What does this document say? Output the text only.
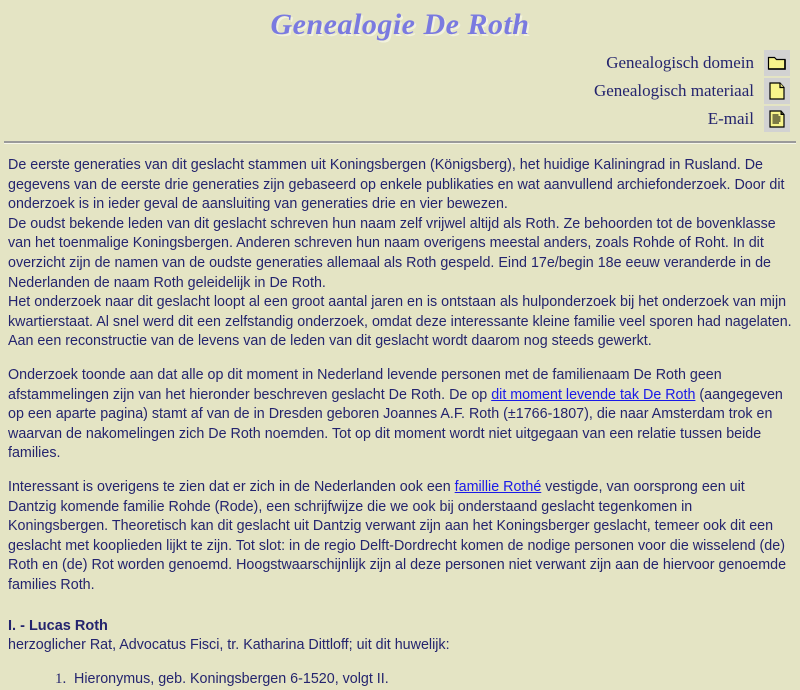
Genealogie De Roth
Genealogisch domein
Genealogisch materiaal
E-mail

De eerste generaties van dit geslacht stammen uit Koningsbergen (Königsberg), het huidige Kaliningrad in Rusland. De gegevens van de eerste drie generaties zijn gebaseerd op enkele publikaties en wat aanvullend archiefonderzoek. Door dit onderzoek is in ieder geval de aansluiting van generaties drie en vier bewezen.
De oudst bekende leden van dit geslacht schreven hun naam zelf vrijwel altijd als Roth. Ze behoorden tot de bovenklasse van het toenmalige Koningsbergen. Anderen schreven hun naam overigens meestal anders, zoals Rohde of Roht. In dit overzicht zijn de namen van de oudste generaties allemaal als Roth gespeld. Eind 17e/begin 18e eeuw veranderde in de Nederlanden de naam Roth geleidelijk in De Roth.
Het onderzoek naar dit geslacht loopt al een groot aantal jaren en is ontstaan als hulponderzoek bij het onderzoek van mijn kwartierstaat. Al snel werd dit een zelfstandig onderzoek, omdat deze interessante kleine familie veel sporen had nagelaten. Aan een reconstructie van de levens van de leden van dit geslacht wordt daarom nog steeds gewerkt.

Onderzoek toonde aan dat alle op dit moment in Nederland levende personen met de familienaam De Roth geen afstammelingen zijn van het hieronder beschreven geslacht De Roth. De op dit moment levende tak De Roth (aangegeven op een aparte pagina) stamt af van de in Dresden geboren Joannes A.F. Roth (±1766-1807), die naar Amsterdam trok en waarvan de nakomelingen zich De Roth noemden. Tot op dit moment wordt niet uitgegaan van een relatie tussen beide families.

Interessant is overigens te zien dat er zich in de Nederlanden ook een famillie Rothé vestigde, van oorsprong een uit Dantzig komende familie Rohde (Rode), een schrijfwijze die we ook bij onderstaand geslacht tegenkomen in Koningsbergen. Theoretisch kan dit geslacht uit Dantzig verwant zijn aan het Koningsberger geslacht, temeer ook dit een geslacht met kooplieden lijkt te zijn. Tot slot: in de regio Delft-Dordrecht komen de nodige personen voor die wisselend (de) Roth en (de) Rot worden genoemd. Hoogstwaarschijnlijk zijn al deze personen niet verwant zijn aan de hiervoor genoemde families Roth.

I. - Lucas Roth

herzoglicher Rat, Advocatus Fisci, tr. Katharina Dittloff; uit dit huwelijk:

1. Hieronymus, geb. Koningsbergen 6-1520, volgt II.
